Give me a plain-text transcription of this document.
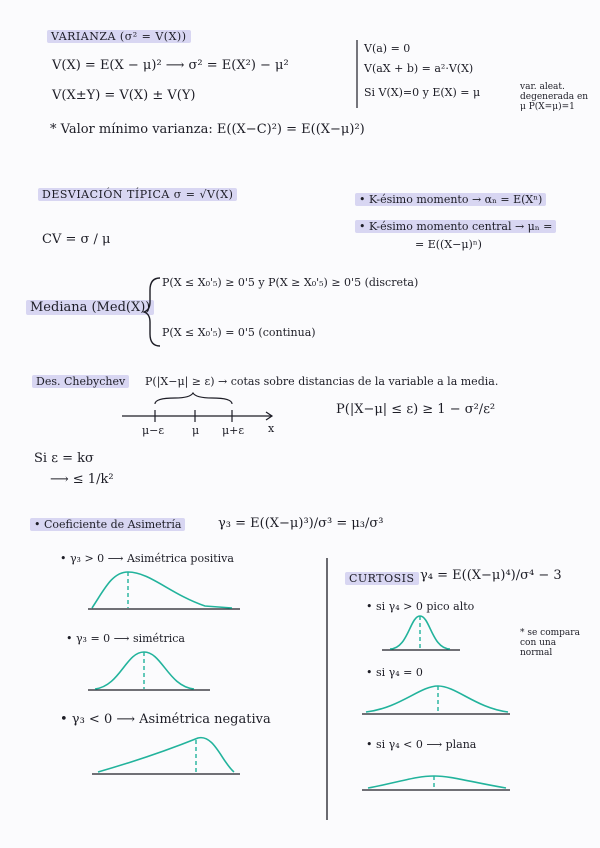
VARIANZA (σ² = V(X))
V(X) = E(X − μ)² ⟶ σ² = E(X²) − μ²
V(X±Y) = V(X) ± V(Y)
V(a) = 0
V(aX + b) = a²·V(X)
Si V(X)=0 y E(X) = μ	var. aleat. degenerada en μ P(X=μ)=1
* Valor mínimo varianza: E((X−C)²) = E((X−μ)²)
DESVIACIÓN TÍPICA σ = √V(X)
CV = σ / μ
• K-ésimo momento → αₙ = E(Xⁿ)
• K-ésimo momento central → μₙ =
= E((X−μ)ⁿ)
Mediana (Med(X))
P(X ≤ X₀'₅) ≥ 0'5 y P(X ≥ X₀'₅) ≥ 0'5 (discreta)
P(X ≤ X₀'₅) = 0'5 (continua)
Des. Chebychev	P(|X−μ| ≥ ε) → cotas sobre distancias de la variable a la media.
μ−ε	μ μ+ε x
P(|X−μ| ≤ ε) ≥ 1 − σ²/ε²
Si ε = kσ
⟶ ≤ 1/k²
• Coeficiente de Asimetría	γ₃ = E((X−μ)³)/σ³ = μ₃/σ³
• γ₃ > 0 ⟶ Asimétrica positiva
• γ₃ = 0 ⟶ simétrica
• γ₃ < 0 ⟶ Asimétrica negativa
CURTOSIS γ₄ = E((X−μ)⁴)/σ⁴ − 3
• si γ₄ > 0 pico alto
* se compara con una normal
• si γ₄ = 0
• si γ₄ < 0 ⟶ plana
